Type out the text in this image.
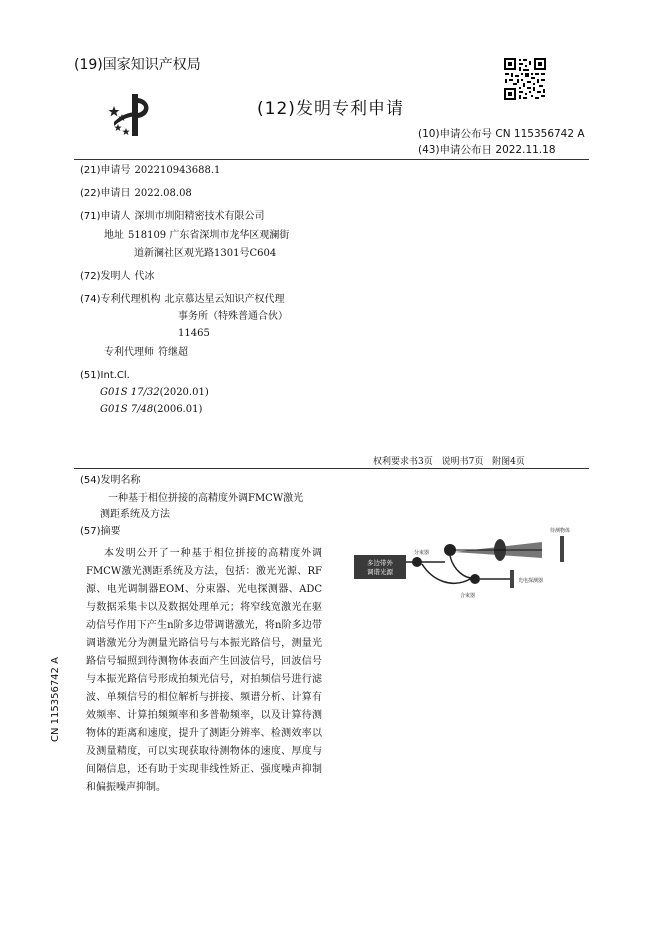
(19)国家知识产权局
(12)发明专利申请
(10)申请公布号 CN 115356742 A
(43)申请公布日 2022.11.18
(21)申请号 202210943688.1
(22)申请日 2022.08.08
(71)申请人 深圳市圳阳精密技术有限公司
地址 518109 广东省深圳市龙华区观澜街
道新澜社区观光路1301号C604
(72)发明人 代冰
(74)专利代理机构 北京慕达星云知识产权代理
事务所（特殊普通合伙）
11465
专利代理师 符继超
(51)Int.Cl.
G01S 17/32(2020.01)
G01S 7/48(2006.01)
权利要求书3页 说明书7页 附图4页
(54)发明名称
一种基于相位拼接的高精度外调FMCW激光
测距系统及方法
(57)摘要
本发明公开了一种基于相位拼接的高精度外调FMCW激光测距系统及方法，包括：激光光源、RF源、电光调制器EOM、分束器、光电探测器、ADC与数据采集卡以及数据处理单元；将窄线宽激光在驱动信号作用下产生n阶多边带调谐激光，将n阶多边带调谐激光分为测量光路信号与本振光路信号，测量光路信号辐照到待测物体表面产生回波信号，回波信号与本振光路信号形成拍频光信号，对拍频信号进行滤波、单频信号的相位解析与拼接、频谱分析、计算有效频率、计算拍频频率和多普勒频率，以及计算待测物体的距离和速度，提升了测距分辨率、检测效率以及测量精度，可以实现获取待测物体的速度、厚度与间隔信息，还有助于实现非线性矫正、强度噪声抑制和偏振噪声抑制。
多边带外
调谐光源
分束器
待测物体
合束器
光电探测器
CN 115356742 A
